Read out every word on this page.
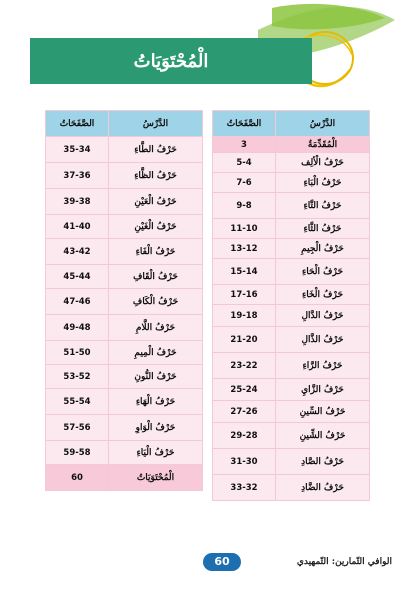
الْمُحْتَوَيَاتُ
الدَّرْسُ	الصَّفَحَاتُ
الْمُقَدِّمَةُ	3
حَرْفُ الْألِف	5-4
حَرْفُ الْبَاءِ	7-6
حَرْفُ التَّاءِ	9-8
حَرْفُ الثَّاءِ	11-10
حَرْفُ الْجِيمِ	13-12
حَرْفُ الْحَاءِ	15-14
حَرْفُ الْخَاءِ	17-16
حَرْفُ الدَّالِ	19-18
حَرْفُ الذَّالِ	21-20
حَرْفُ الرَّاءِ	23-22
حَرْفُ الزَّايِ	25-24
حَرْفُ السِّينِ	27-26
حَرْفُ الشِّينِ	29-28
حَرْفُ الصَّادِ	31-30
حَرْفُ الضَّادِ	33-32
الدَّرْسُ	الصَّفَحَاتُ
حَرْفُ الطَّاءِ	35-34
حَرْفُ الظَّاءِ	37-36
حَرْفُ الْعَيْنِ	39-38
حَرْفُ الْغَيْنِ	41-40
حَرْفُ الْفَاءِ	43-42
حَرْفُ الْقَافِ	45-44
حَرْفُ الْكَافِ	47-46
حَرْفُ اللَّامِ	49-48
حَرْفُ الْمِيمِ	51-50
حَرْفُ النُّونِ	53-52
حَرْفُ الْهَاءِ	55-54
حَرْفُ الْوَاوِ	57-56
حَرْفُ الْيَاءِ	59-58
الْمُحْتَوَيَاتُ	60
الوافي التّمارين: التّمهيدي
60
